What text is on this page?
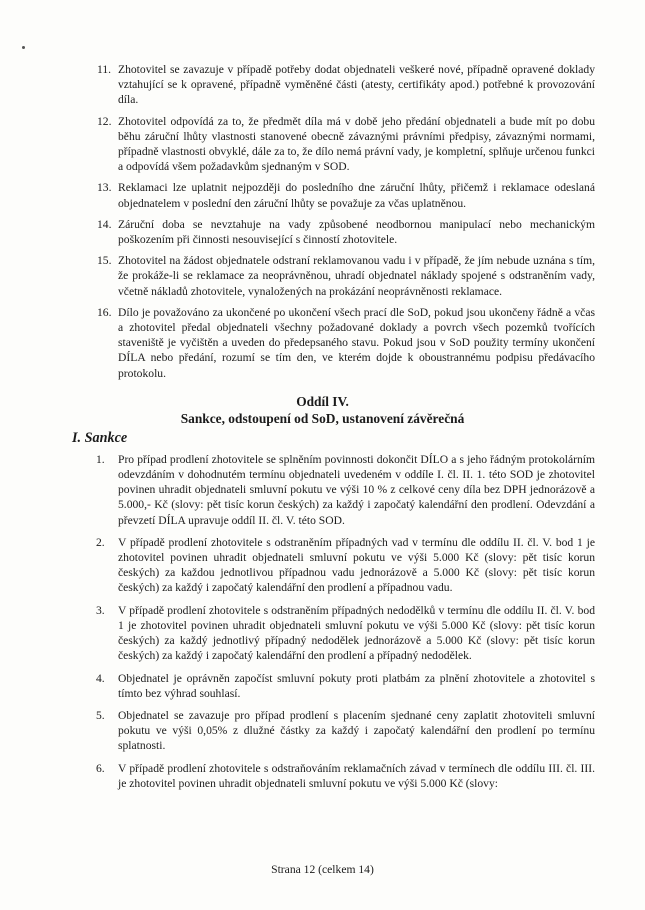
11. Zhotovitel se zavazuje v případě potřeby dodat objednateli veškeré nové, případně opravené doklady vztahující se k opravené, případně vyměněné části (atesty, certifikáty apod.) potřebné k provozování díla.
12. Zhotovitel odpovídá za to, že předmět díla má v době jeho předání objednateli a bude mít po dobu běhu záruční lhůty vlastnosti stanovené obecně závaznými právními předpisy, závaznými normami, případně vlastnosti obvyklé, dále za to, že dílo nemá právní vady, je kompletní, splňuje určenou funkci a odpovídá všem požadavkům sjednaným v SOD.
13. Reklamaci lze uplatnit nejpozději do posledního dne záruční lhůty, přičemž i reklamace odeslaná objednatelem v poslední den záruční lhůty se považuje za včas uplatněnou.
14. Záruční doba se nevztahuje na vady způsobené neodbornou manipulací nebo mechanickým poškozením při činnosti nesouvisející s činností zhotovitele.
15. Zhotovitel na žádost objednatele odstraní reklamovanou vadu i v případě, že jím nebude uznána s tím, že prokáže-li se reklamace za neoprávněnou, uhradí objednatel náklady spojené s odstraněním vady, včetně nákladů zhotovitele, vynaložených na prokázání neoprávněnosti reklamace.
16. Dílo je považováno za ukončené po ukončení všech prací dle SoD, pokud jsou ukončeny řádně a včas a zhotovitel předal objednateli všechny požadované doklady a povrch všech pozemků tvořících staveniště je vyčištěn a uveden do předepsaného stavu. Pokud jsou v SoD použity termíny ukončení DÍLA nebo předání, rozumí se tím den, ve kterém dojde k oboustrannému podpisu předávacího protokolu.
Oddíl IV.
Sankce, odstoupení od SoD, ustanovení závěrečná
I. Sankce
1. Pro případ prodlení zhotovitele se splněním povinnosti dokončit DÍLO a s jeho řádným protokolárním odevzdáním v dohodnutém termínu objednateli uvedeném v oddíle I. čl. II. 1. této SOD je zhotovitel povinen uhradit objednateli smluvní pokutu ve výši 10 % z celkové ceny díla bez DPH jednorázově a 5.000,- Kč (slovy: pět tisíc korun českých) za každý i započatý kalendářní den prodlení. Odevzdání a převzetí DÍLA upravuje oddíl II. čl. V. této SOD.
2. V případě prodlení zhotovitele s odstraněním případných vad v termínu dle oddílu II. čl. V. bod 1 je zhotovitel povinen uhradit objednateli smluvní pokutu ve výši 5.000 Kč (slovy: pět tisíc korun českých) za každou jednotlivou případnou vadu jednorázově a 5.000 Kč (slovy: pět tisíc korun českých) za každý i započatý kalendářní den prodlení a případnou vadu.
3. V případě prodlení zhotovitele s odstraněním případných nedodělků v termínu dle oddílu II. čl. V. bod 1 je zhotovitel povinen uhradit objednateli smluvní pokutu ve výši 5.000 Kč (slovy: pět tisíc korun českých) za každý jednotlivý případný nedodělek jednorázově a 5.000 Kč (slovy: pět tisíc korun českých) za každý i započatý kalendářní den prodlení a případný nedodělek.
4. Objednatel je oprávněn započíst smluvní pokuty proti platbám za plnění zhotovitele a zhotovitel s tímto bez výhrad souhlasí.
5. Objednatel se zavazuje pro případ prodlení s placením sjednané ceny zaplatit zhotoviteli smluvní pokutu ve výši 0,05% z dlužné částky za každý i započatý kalendářní den prodlení po termínu splatnosti.
6. V případě prodlení zhotovitele s odstraňováním reklamačních závad v termínech dle oddílu III. čl. III. je zhotovitel povinen uhradit objednateli smluvní pokutu ve výši 5.000 Kč (slovy:
Strana 12 (celkem 14)
